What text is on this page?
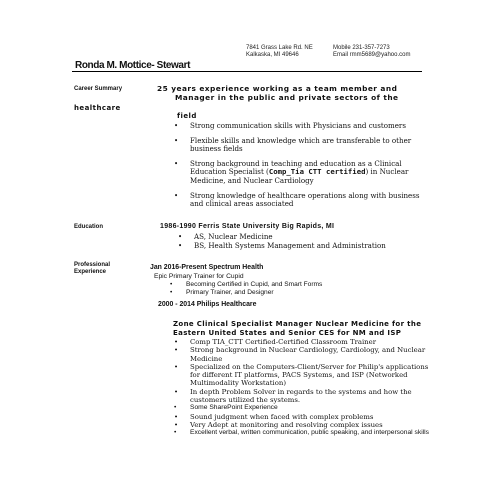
7841 Grass Lake Rd. NE
Kalkaska, MI 49646
Mobile 231-357-7273
Email rmm5689@yahoo.com
Ronda M. Mottice- Stewart
Career Summary	25 years experience working as a team member and
Manager in the public and private sectors of the
healthcare
field
• Strong communication skills with Physicians and customers
• Flexible skills and knowledge which are transferable to other business fields
• Strong background in teaching and education as a Clinical Education Specialist (Comp_Tia CTT certified) in Nuclear Medicine, and Nuclear Cardiology
• Strong knowledge of healthcare operations along with business and clinical areas associated
Education	1986-1990 Ferris State University Big Rapids, MI
• AS, Nuclear Medicine
• BS, Health Systems Management and Administration
Professional
Experience
Jan 2016-Present Spectrum Health
Epic Primary Trainer for Cupid
• Becoming Certified in Cupid, and Smart Forms
• Primary Trainer, and Designer
2000 - 2014 Philips Healthcare
Zone Clinical Specialist Manager Nuclear Medicine for the
Eastern United States and Senior CES for NM and ISP
• Comp TIA_CTT Certified-Certified Classroom Trainer
• Strong background in Nuclear Cardiology, Cardiology, and Nuclear Medicine
• Specialized on the Computers-Client/Server for Philip's applications for different IT platforms, PACS Systems, and ISP (Networked Multimodality Workstation)
• In depth Problem Solver in regards to the systems and how the customers utilized the systems.
• Some SharePoint Experience
• Sound judgment when faced with complex problems
• Very Adept at monitoring and resolving complex issues
• Excellent verbal, written communication, public speaking, and interpersonal skills
